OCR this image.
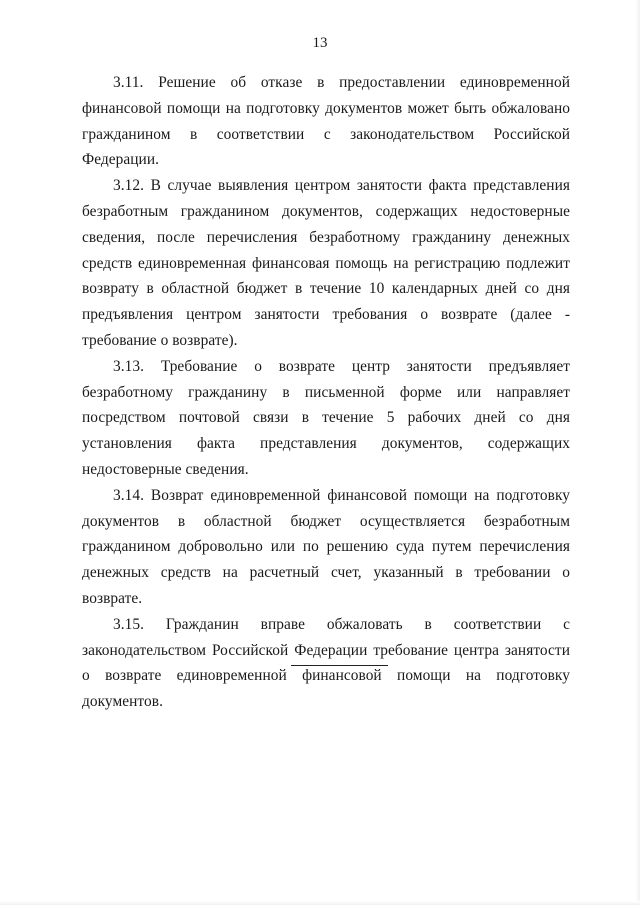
13

3.11. Решение об отказе в предоставлении единовременной финансовой помощи на подготовку документов может быть обжаловано гражданином в соответствии с законодательством Российской Федерации.

3.12. В случае выявления центром занятости факта представления безработным гражданином документов, содержащих недостоверные сведения, после перечисления безработному гражданину денежных средств единовременная финансовая помощь на регистрацию подлежит возврату в областной бюджет в течение 10 календарных дней со дня предъявления центром занятости требования о возврате (далее - требование о возврате).

3.13. Требование о возврате центр занятости предъявляет безработному гражданину в письменной форме или направляет посредством почтовой связи в течение 5 рабочих дней со дня установления факта представления документов, содержащих недостоверные сведения.

3.14. Возврат единовременной финансовой помощи на подготовку документов в областной бюджет осуществляется безработным гражданином добровольно или по решению суда путем перечисления денежных средств на расчетный счет, указанный в требовании о возврате.

3.15. Гражданин вправе обжаловать в соответствии с законодательством Российской Федерации требование центра занятости о возврате единовременной финансовой помощи на подготовку документов.
